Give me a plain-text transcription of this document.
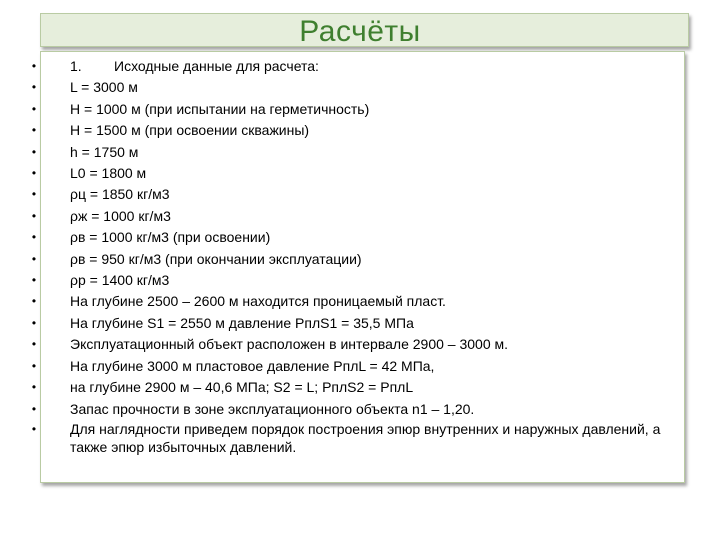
Расчёты
• 1. Исходные данные для расчета:
• L = 3000 м
• Н = 1000 м (при испытании на герметичность)
• Н = 1500 м (при освоении скважины)
• h = 1750 м
• L0 = 1800 м
• ρц = 1850 кг/м3
• ρж = 1000 кг/м3
• ρв = 1000 кг/м3 (при освоении)
• ρв = 950 кг/м3 (при окончании эксплуатации)
• ρр = 1400 кг/м3
• На глубине 2500 – 2600 м находится проницаемый пласт.
• На глубине S1 = 2550 м давление РплS1 = 35,5 МПа
• Эксплуатационный объект расположен в интервале 2900 – 3000 м.
• На глубине 3000 м пластовое давление РплL = 42 МПа,
• на глубине 2900 м – 40,6 МПа; S2 = L; РплS2 = РплL
• Запас прочности в зоне эксплуатационного объекта n1 – 1,20.
• Для наглядности приведем порядок построения эпюр внутренних и наружных давлений, а также эпюр избыточных давлений.
